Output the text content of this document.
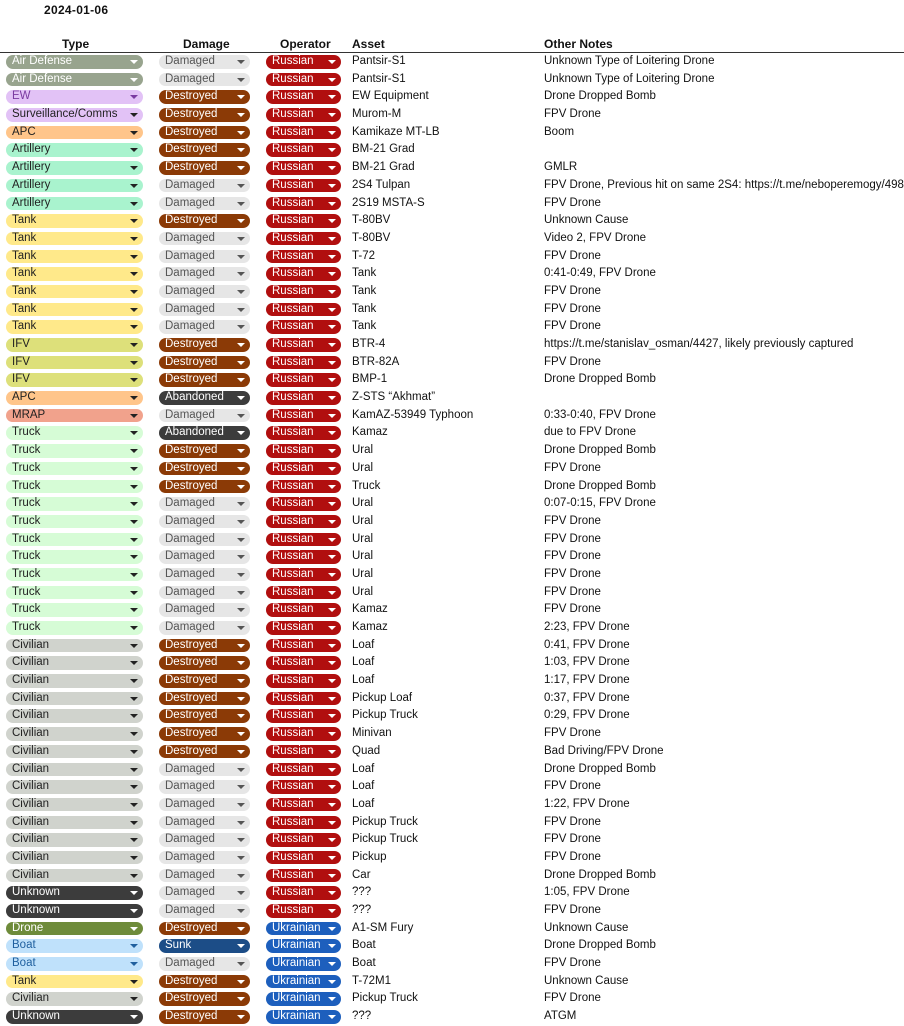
2024-01-06
Type	Damage	Operator Asset	Other Notes
Air Defense	Damaged	Russian	Pantsir-S1	Unknown Type of Loitering Drone
Air Defense	Damaged	Russian	Pantsir-S1	Unknown Type of Loitering Drone
EW	Destroyed	Russian	EW Equipment	Drone Dropped Bomb
Surveillance/Comms	Destroyed	Russian	Murom-M	FPV Drone
APC	Destroyed	Russian	Kamikaze MT-LB	Boom
Artillery	Destroyed	Russian	BM-21 Grad
Artillery	Destroyed	Russian	BM-21 Grad	GMLR
Artillery	Damaged	Russian	2S4 Tulpan	FPV Drone, Previous hit on same 2S4: https://t.me/neboperemogy/498
Artillery	Damaged	Russian	2S19 MSTA-S	FPV Drone
Tank	Destroyed	Russian	T-80BV	Unknown Cause
Tank	Damaged	Russian	T-80BV	Video 2, FPV Drone
Tank	Damaged	Russian	T-72	FPV Drone
Tank	Damaged	Russian	Tank	0:41-0:49, FPV Drone
Tank	Damaged	Russian	Tank	FPV Drone
Tank	Damaged	Russian	Tank	FPV Drone
Tank	Damaged	Russian	Tank	FPV Drone
IFV	Destroyed	Russian	BTR-4	https://t.me/stanislav_osman/4427, likely previously captured
IFV	Destroyed	Russian	BTR-82A	FPV Drone
IFV	Destroyed	Russian	BMP-1	Drone Dropped Bomb
APC	Abandoned	Russian	Z-STS “Akhmat”
MRAP	Damaged	Russian	KamAZ-53949 Typhoon	0:33-0:40, FPV Drone
Truck	Abandoned	Russian	Kamaz	due to FPV Drone
Truck	Destroyed	Russian	Ural	Drone Dropped Bomb
Truck	Destroyed	Russian	Ural	FPV Drone
Truck	Destroyed	Russian	Truck	Drone Dropped Bomb
Truck	Damaged	Russian	Ural	0:07-0:15, FPV Drone
Truck	Damaged	Russian	Ural	FPV Drone
Truck	Damaged	Russian	Ural	FPV Drone
Truck	Damaged	Russian	Ural	FPV Drone
Truck	Damaged	Russian	Ural	FPV Drone
Truck	Damaged	Russian	Ural	FPV Drone
Truck	Damaged	Russian	Kamaz	FPV Drone
Truck	Damaged	Russian	Kamaz	2:23, FPV Drone
Civilian	Destroyed	Russian	Loaf	0:41, FPV Drone
Civilian	Destroyed	Russian	Loaf	1:03, FPV Drone
Civilian	Destroyed	Russian	Loaf	1:17, FPV Drone
Civilian	Destroyed	Russian	Pickup Loaf	0:37, FPV Drone
Civilian	Destroyed	Russian	Pickup Truck	0:29, FPV Drone
Civilian	Destroyed	Russian	Minivan	FPV Drone
Civilian	Destroyed	Russian	Quad	Bad Driving/FPV Drone
Civilian	Damaged	Russian	Loaf	Drone Dropped Bomb
Civilian	Damaged	Russian	Loaf	FPV Drone
Civilian	Damaged	Russian	Loaf	1:22, FPV Drone
Civilian	Damaged	Russian	Pickup Truck	FPV Drone
Civilian	Damaged	Russian	Pickup Truck	FPV Drone
Civilian	Damaged	Russian	Pickup	FPV Drone
Civilian	Damaged	Russian	Car	Drone Dropped Bomb
Unknown	Damaged	Russian	???	1:05, FPV Drone
Unknown	Damaged	Russian	???	FPV Drone
Drone	Destroyed	Ukrainian	A1-SM Fury	Unknown Cause
Boat	Sunk	Ukrainian	Boat	Drone Dropped Bomb
Boat	Damaged	Ukrainian	Boat	FPV Drone
Tank	Destroyed	Ukrainian	T-72M1	Unknown Cause
Civilian	Destroyed	Ukrainian	Pickup Truck	FPV Drone
Unknown	Destroyed	Ukrainian	???	ATGM
